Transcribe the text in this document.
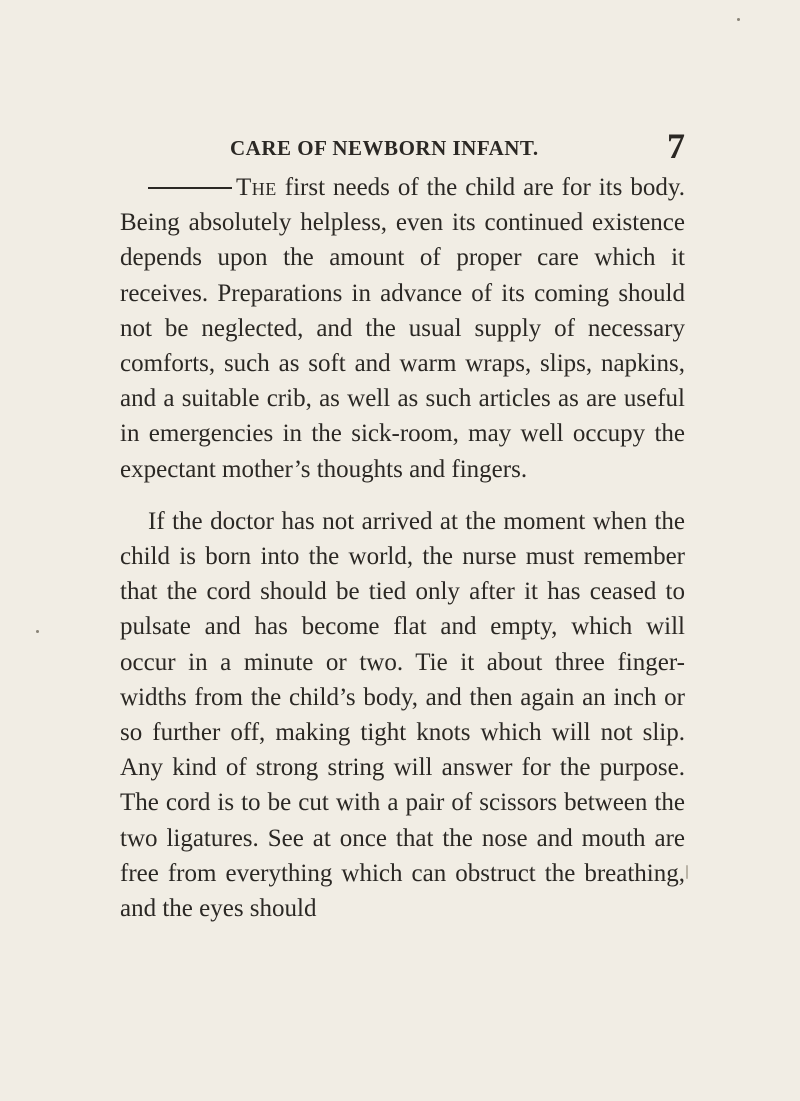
CARE OF NEWBORN INFANT.	7

The first needs of the child are for its body. Being absolutely helpless, even its continued existence depends upon the amount of proper care which it receives. Preparations in advance of its coming should not be neglected, and the usual supply of necessary comforts, such as soft and warm wraps, slips, napkins, and a suitable crib, as well as such articles as are useful in emergencies in the sick-room, may well occupy the expectant mother’s thoughts and fingers.

If the doctor has not arrived at the moment when the child is born into the world, the nurse must remember that the cord should be tied only after it has ceased to pulsate and has become flat and empty, which will occur in a minute or two. Tie it about three finger-widths from the child’s body, and then again an inch or so further off, making tight knots which will not slip. Any kind of strong string will answer for the purpose. The cord is to be cut with a pair of scissors between the two ligatures. See at once that the nose and mouth are free from everything which can obstruct the breathing, and the eyes should
